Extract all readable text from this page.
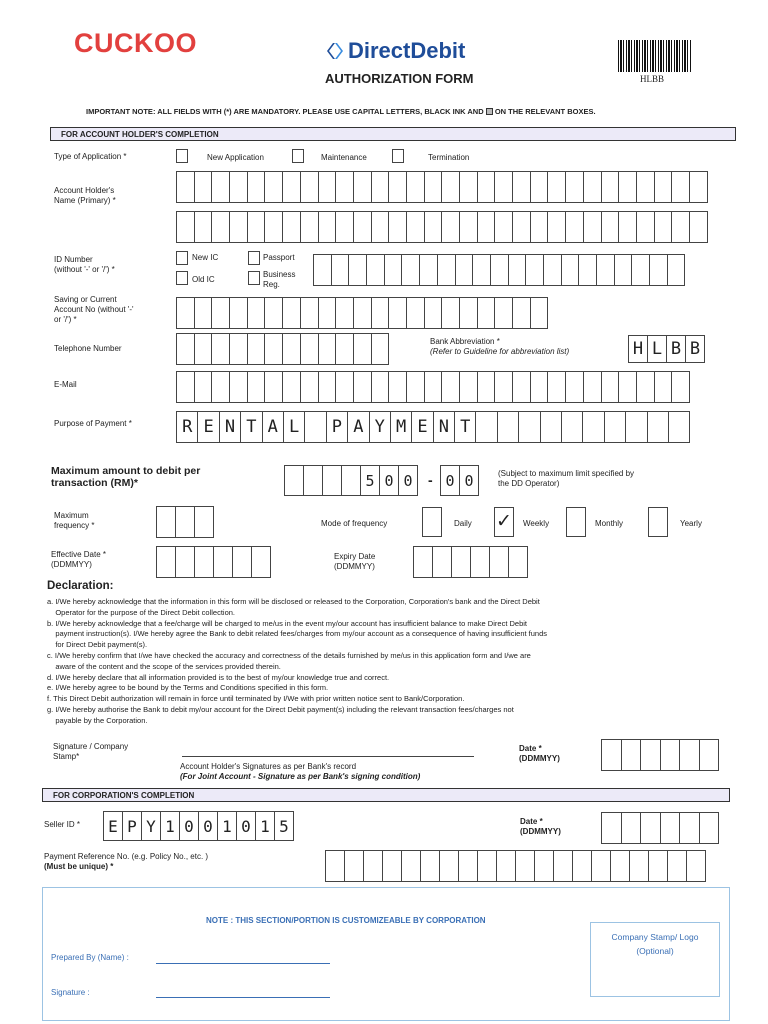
CUCKOO	DirectDebit
AUTHORIZATION FORM	HLBB
IMPORTANT NOTE: ALL FIELDS WITH (*) ARE MANDATORY. PLEASE USE CAPITAL LETTERS, BLACK INK AND ON THE RELEVANT BOXES.
FOR ACCOUNT HOLDER'S COMPLETION
Type of Application *	New Application	Maintenance	Termination
Account Holder's
Name (Primary) *
ID Number
(without '-' or '/') *
New IC	Passport
Old IC
Business
Reg.
Saving or Current
Account No (without '-'
or '/') *
Telephone Number
Bank Abbreviation *
(Refer to Guideline for abbreviation list)	H L B B
E-Mail
Purpose of Payment *	R E N T A L	P A Y M E N T
Maximum amount to debit per
transaction (RM)*	5 0 0	- 0 0	(Subject to maximum limit specified by
the DD Operator)
Maximum
frequency *	Mode of frequency	Daily ✓ Weekly	Monthly	Yearly
Effective Date *
(DDMMYY)
Expiry Date
(DDMMYY)
Declaration:
a. I/We hereby acknowledge that the information in this form will be disclosed or released to the Corporation, Corporation's bank and the Direct Debit
Operator for the purpose of the Direct Debit collection.
b. I/We hereby acknowledge that a fee/charge will be charged to me/us in the event my/our account has insufficient balance to make Direct Debit
payment instruction(s). I/We hereby agree the Bank to debit related fees/charges from my/our account as a consequence of having insufficient funds
for Direct Debit payment(s).
c. I/We hereby confirm that I/we have checked the accuracy and correctness of the details furnished by me/us in this application form and I/we are
aware of the content and the scope of the services provided therein.
d. I/We hereby declare that all information provided is to the best of my/our knowledge true and correct.
e. I/We hereby agree to be bound by the Terms and Conditions specified in this form.
f. This Direct Debit authorization will remain in force until terminated by I/We with prior written notice sent to Bank/Corporation.
g. I/We hereby authorise the Bank to debit my/our account for the Direct Debit payment(s) including the relevant transaction fees/charges not
payable by the Corporation.
Signature / Company
Stamp*
Account Holder's Signatures as per Bank's record
(For Joint Account - Signature as per Bank's signing condition)
Date *
(DDMMYY)
FOR CORPORATION'S COMPLETION
Seller ID *	E P Y 1 0 0 1 0 1 5	Date *
(DDMMYY)
Payment Reference No. (e.g. Policy No., etc. )
(Must be unique) *
NOTE : THIS SECTION/PORTION IS CUSTOMIZEABLE BY CORPORATION
Company Stamp/ Logo
(Optional)
Prepared By (Name) :
Signature :
